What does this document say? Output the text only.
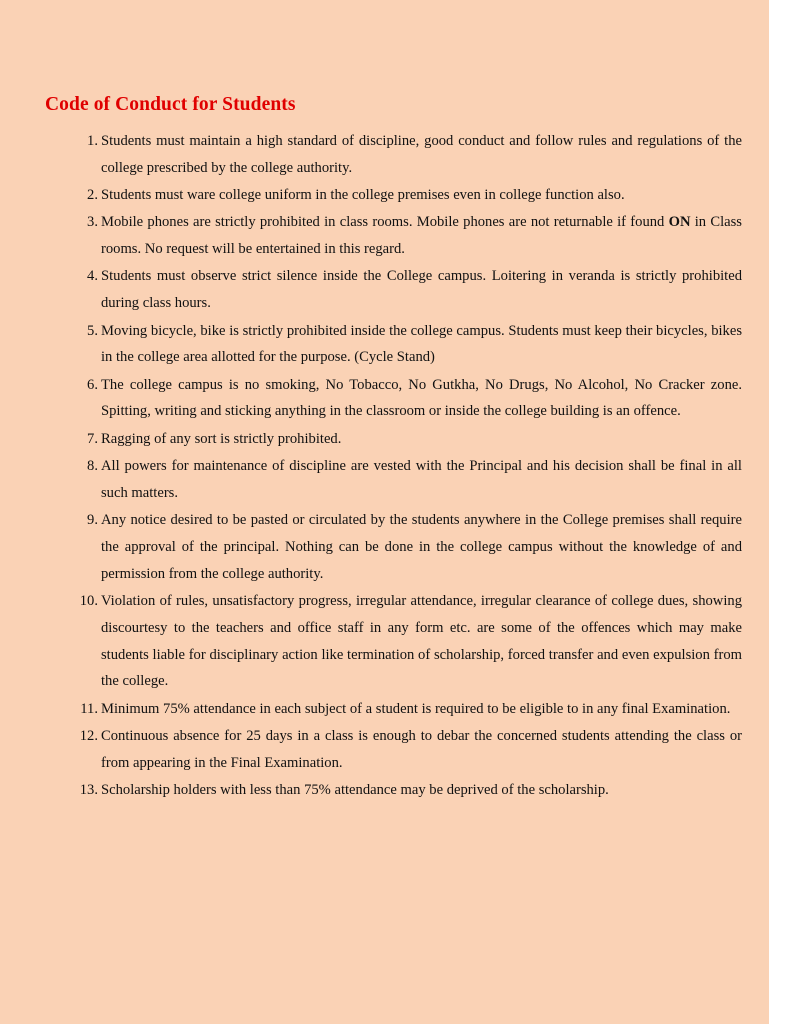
Code of Conduct for Students
1. Students must maintain a high standard of discipline, good conduct and follow rules and regulations of the college prescribed by the college authority.
2. Students must ware college uniform in the college premises even in college function also.
3. Mobile phones are strictly prohibited in class rooms. Mobile phones are not returnable if found ON in Class rooms. No request will be entertained in this regard.
4. Students must observe strict silence inside the College campus. Loitering in veranda is strictly prohibited during class hours.
5. Moving bicycle, bike is strictly prohibited inside the college campus. Students must keep their bicycles, bikes in the college area allotted for the purpose. (Cycle Stand)
6. The college campus is no smoking, No Tobacco, No Gutkha, No Drugs, No Alcohol, No Cracker zone. Spitting, writing and sticking anything in the classroom or inside the college building is an offence.
7. Ragging of any sort is strictly prohibited.
8. All powers for maintenance of discipline are vested with the Principal and his decision shall be final in all such matters.
9. Any notice desired to be pasted or circulated by the students anywhere in the College premises shall require the approval of the principal. Nothing can be done in the college campus without the knowledge of and permission from the college authority.
10. Violation of rules, unsatisfactory progress, irregular attendance, irregular clearance of college dues, showing discourtesy to the teachers and office staff in any form etc. are some of the offences which may make students liable for disciplinary action like termination of scholarship, forced transfer and even expulsion from the college.
11. Minimum 75% attendance in each subject of a student is required to be eligible to in any final Examination.
12. Continuous absence for 25 days in a class is enough to debar the concerned students attending the class or from appearing in the Final Examination.
13. Scholarship holders with less than 75% attendance may be deprived of the scholarship.
